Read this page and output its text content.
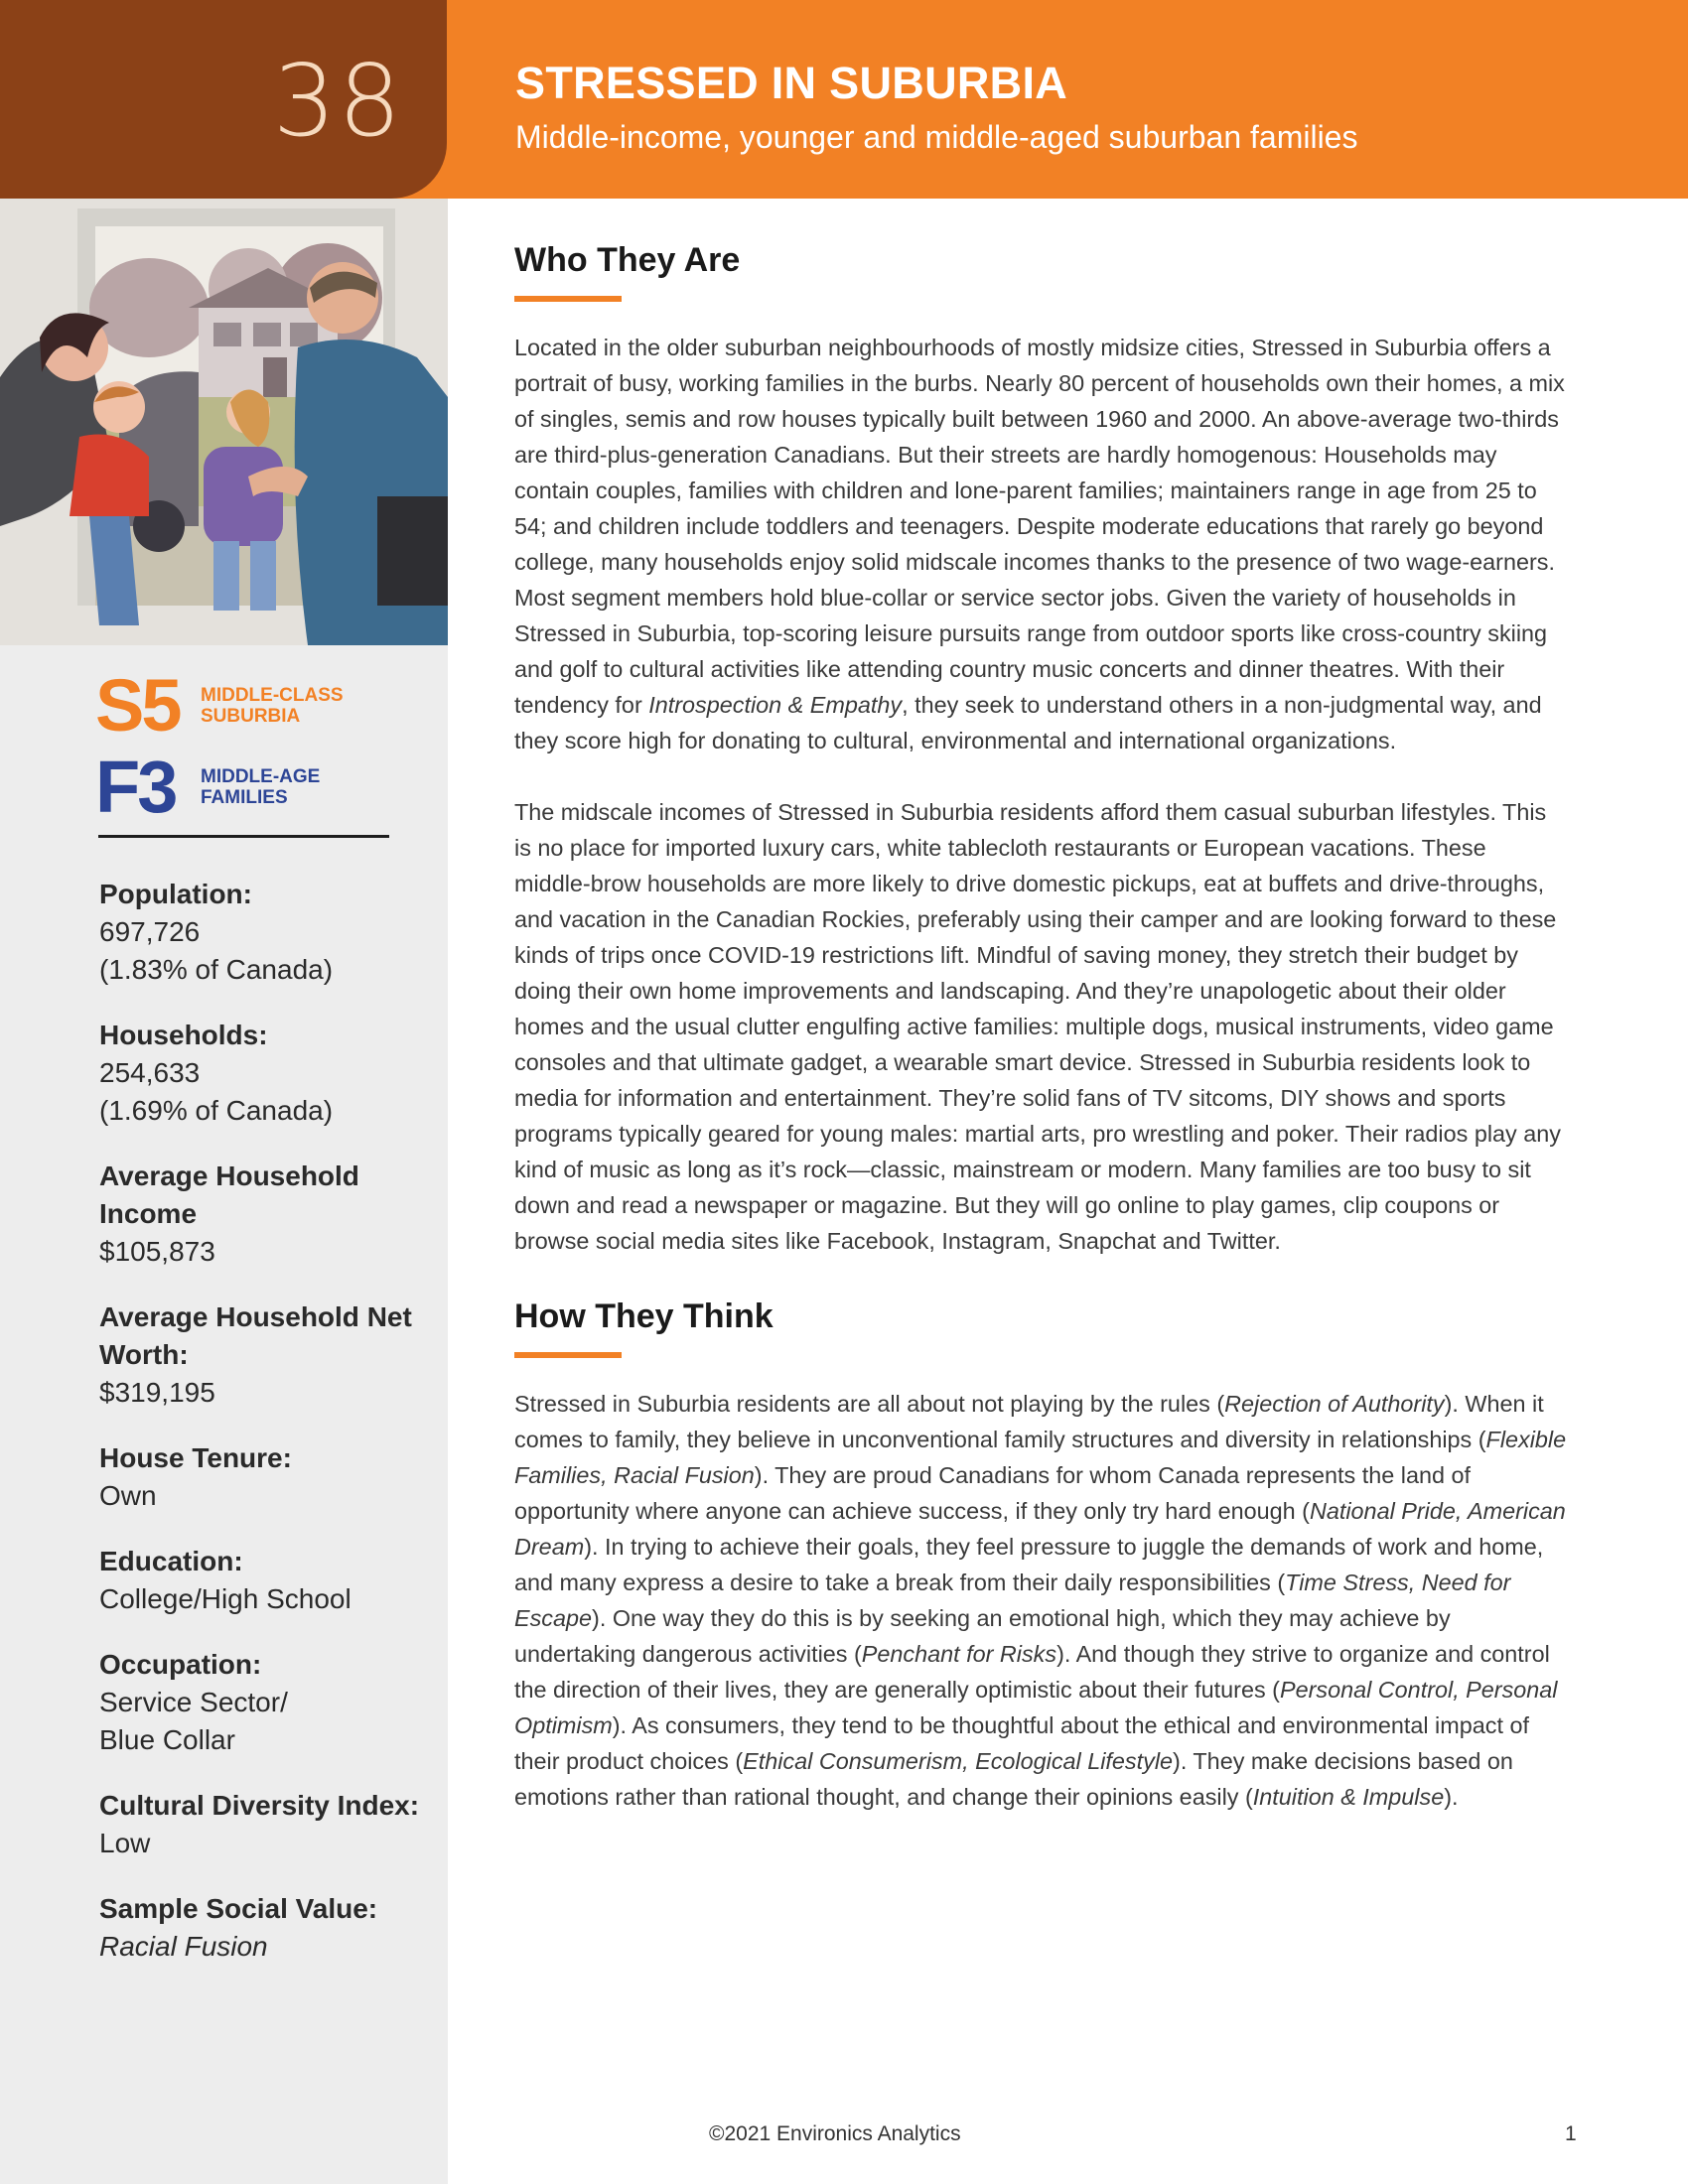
38	STRESSED IN SUBURBIA
Middle-income, younger and middle-aged suburban families
S5	MIDDLE-CLASS
SUBURBIA
F3	MIDDLE-AGE
FAMILIES
Population:
697,726
(1.83% of Canada)
Households:
254,633
(1.69% of Canada)
Average Household Income
$105,873
Average Household Net Worth:
$319,195
House Tenure:
Own
Education:
College/High School
Occupation:
Service Sector/
Blue Collar
Cultural Diversity Index:
Low
Sample Social Value:
Racial Fusion
Who They Are

Located in the older suburban neighbourhoods of mostly midsize cities, Stressed in Suburbia offers a portrait of busy, working families in the burbs. Nearly 80 percent of households own their homes, a mix of singles, semis and row houses typically built between 1960 and 2000. An above-average two-thirds are third-plus-generation Canadians. But their streets are hardly homogenous: Households may contain couples, families with children and lone-parent families; maintainers range in age from 25 to 54; and children include toddlers and teenagers. Despite moderate educations that rarely go beyond college, many households enjoy solid midscale incomes thanks to the presence of two wage-earners. Most segment members hold blue-collar or service sector jobs. Given the variety of households in Stressed in Suburbia, top-scoring leisure pursuits range from outdoor sports like cross-country skiing and golf to cultural activities like attending country music concerts and dinner theatres. With their tendency for Introspection & Empathy, they seek to understand others in a non-judgmental way, and they score high for donating to cultural, environmental and international organizations.

The midscale incomes of Stressed in Suburbia residents afford them casual suburban lifestyles. This is no place for imported luxury cars, white tablecloth restaurants or European vacations. These middle-brow households are more likely to drive domestic pickups, eat at buffets and drive-throughs, and vacation in the Canadian Rockies, preferably using their camper and are looking forward to these kinds of trips once COVID-19 restrictions lift. Mindful of saving money, they stretch their budget by doing their own home improvements and landscaping. And they’re unapologetic about their older homes and the usual clutter engulfing active families: multiple dogs, musical instruments, video game consoles and that ultimate gadget, a wearable smart device. Stressed in Suburbia residents look to media for information and entertainment. They’re solid fans of TV sitcoms, DIY shows and sports programs typically geared for young males: martial arts, pro wrestling and poker. Their radios play any kind of music as long as it’s rock—classic, mainstream or modern. Many families are too busy to sit down and read a newspaper or magazine. But they will go online to play games, clip coupons or browse social media sites like Facebook, Instagram, Snapchat and Twitter.

How They Think

Stressed in Suburbia residents are all about not playing by the rules (Rejection of Authority). When it comes to family, they believe in unconventional family structures and diversity in relationships (Flexible Families, Racial Fusion). They are proud Canadians for whom Canada represents the land of opportunity where anyone can achieve success, if they only try hard enough (National Pride, American Dream). In trying to achieve their goals, they feel pressure to juggle the demands of work and home, and many express a desire to take a break from their daily responsibilities (Time Stress, Need for Escape). One way they do this is by seeking an emotional high, which they may achieve by undertaking dangerous activities (Penchant for Risks). And though they strive to organize and control the direction of their lives, they are generally optimistic about their futures (Personal Control, Personal Optimism). As consumers, they tend to be thoughtful about the ethical and environmental impact of their product choices (Ethical Consumerism, Ecological Lifestyle). They make decisions based on emotions rather than rational thought, and change their opinions easily (Intuition & Impulse).

©2021 Environics Analytics	1
